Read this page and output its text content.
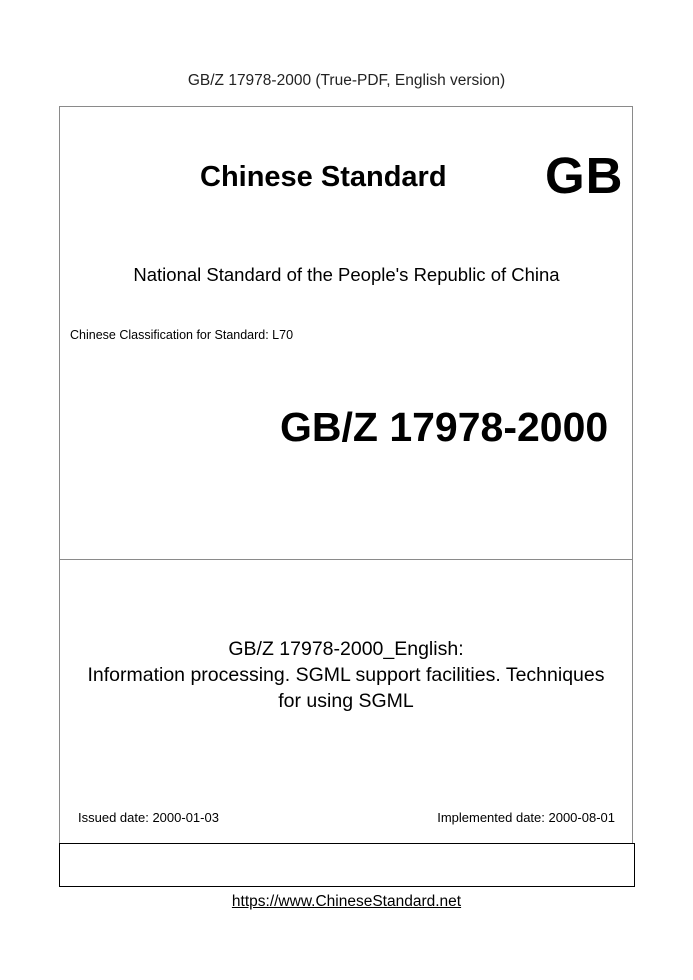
GB/Z 17978-2000 (True-PDF, English version)
Chinese Standard GB
National Standard of the People's Republic of China
Chinese Classification for Standard: L70
GB/Z 17978-2000
GB/Z 17978-2000_English:
Information processing. SGML support facilities. Techniques
for using SGML
Issued date: 2000-01-03	Implemented date: 2000-08-01
https://www.ChineseStandard.net
